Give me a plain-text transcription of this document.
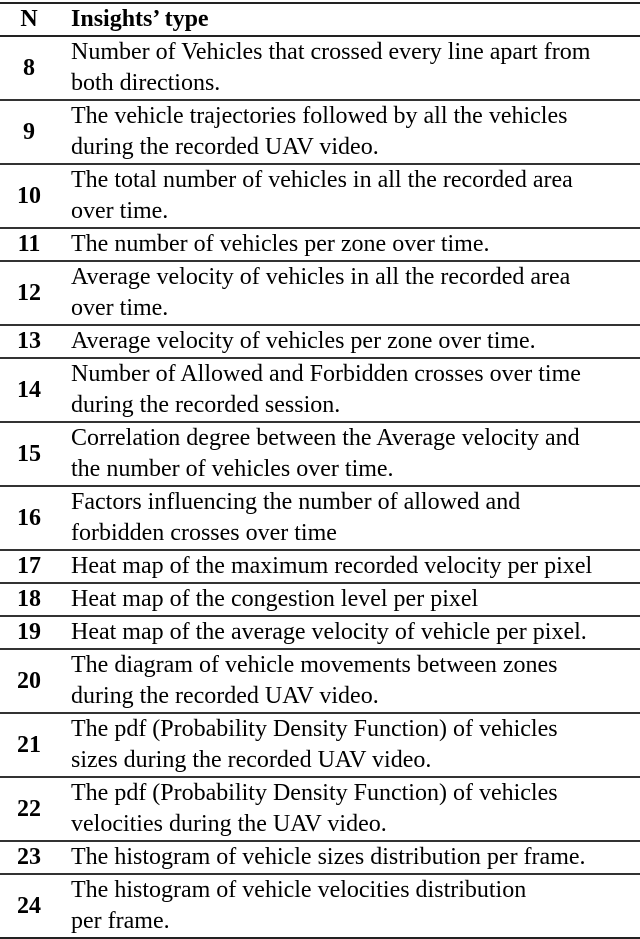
N	Insights’ type
8	Number of Vehicles that crossed every line apart from
both directions.
9	The vehicle trajectories followed by all the vehicles
during the recorded UAV video.
10	The total number of vehicles in all the recorded area
over time.
11	The number of vehicles per zone over time.
12	Average velocity of vehicles in all the recorded area
over time.
13	Average velocity of vehicles per zone over time.
14	Number of Allowed and Forbidden crosses over time
during the recorded session.
15	Correlation degree between the Average velocity and
the number of vehicles over time.
16	Factors influencing the number of allowed and
forbidden crosses over time
17	Heat map of the maximum recorded velocity per pixel
18	Heat map of the congestion level per pixel
19	Heat map of the average velocity of vehicle per pixel.
20	The diagram of vehicle movements between zones
during the recorded UAV video.
21	The pdf (Probability Density Function) of vehicles
sizes during the recorded UAV video.
22	The pdf (Probability Density Function) of vehicles
velocities during the UAV video.
23	The histogram of vehicle sizes distribution per frame.
24	The histogram of vehicle velocities distribution
per frame.
